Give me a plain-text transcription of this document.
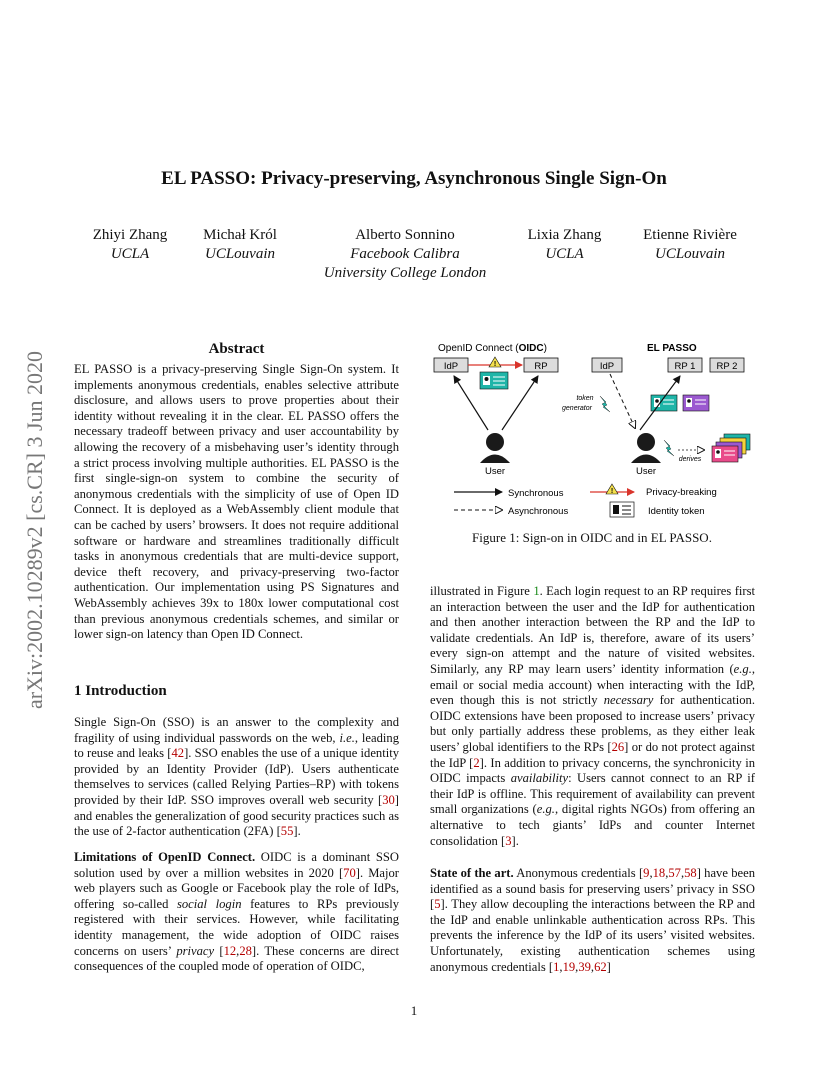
arXiv:2002.10289v2 [cs.CR] 3 Jun 2020
EL PASSO: Privacy-preserving, Asynchronous Single Sign-On
Zhiyi Zhang
UCLA
Michał Król
UCLouvain
Alberto Sonnino
Facebook Calibra
University College London
Lixia Zhang
UCLA
Etienne Rivière
UCLouvain
Abstract

EL PASSO is a privacy-preserving Single Sign-On system. It implements anonymous credentials, enables selective attribute disclosure, and allows users to prove properties about their identity without revealing it in the clear. EL PASSO offers the necessary tradeoff between privacy and user accountability by allowing the recovery of a misbehaving user’s identity through a strict process involving multiple authorities. EL PASSO is the first single-sign-on system to combine the security of anonymous credentials with the simplicity of use of Open ID Connect. It is deployed as a WebAssembly client module that can be cached by users’ browsers. It does not require additional software or hardware and streamlines traditionally difficult tasks in anonymous credentials that are multi-device support, device theft recovery, and privacy-preserving two-factor authentication. Our implementation using PS Signatures and WebAssembly achieves 39x to 180x lower computational cost than previous anonymous credentials schemes, and similar or lower sign-on latency than Open ID Connect.

1 Introduction

Single Sign-On (SSO) is an answer to the complexity and fragility of using individual passwords on the web, i.e., leading to reuse and leaks [42]. SSO enables the use of a unique identity provided by an Identity Provider (IdP). Users authenticate themselves to services (called Relying Parties–RP) with tokens provided by their IdP. SSO improves overall web security [30] and enables the generalization of good security practices such as the use of 2-factor authentication (2FA) [55].

Limitations of OpenID Connect. OIDC is a dominant SSO solution used by over a million websites in 2020 [70]. Major web players such as Google or Facebook play the role of IdPs, offering so-called social login features to RPs previously registered with their services. However, while facilitating identity management, the wide adoption of OIDC raises concerns on users’ privacy [12,28]. These concerns are direct consequences of the coupled mode of operation of OIDC,

OpenID Connect (OIDC)	EL PASSO
IdP	RP
!
User
IdP	RP 1 RP 2
token
generator
User
derives
Synchronous
Asynchronous
!	Privacy-breaking
Identity token
Figure 1: Sign-on in OIDC and in EL PASSO.

illustrated in Figure 1. Each login request to an RP requires first an interaction between the user and the IdP for authentication and then another interaction between the RP and the IdP to validate credentials. An IdP is, therefore, aware of its users’ every sign-on attempt and the nature of visited websites. Similarly, any RP may learn users’ identity information (e.g., email or social media account) when interacting with the IdP, even though this is not strictly necessary for authentication. OIDC extensions have been proposed to increase users’ privacy but only partially address these problems, as they either leak users’ global identifiers to the RPs [26] or do not protect against the IdP [2]. In addition to privacy concerns, the synchronicity in OIDC impacts availability: Users cannot connect to an RP if their IdP is offline. This requirement of availability can prevent small organizations (e.g., digital rights NGOs) from offering an alternative to tech giants’ IdPs and counter Internet consolidation [3].

State of the art. Anonymous credentials [9,18,57,58] have been identified as a sound basis for preserving users’ privacy in SSO [5]. They allow decoupling the interactions between the RP and the IdP and enable unlinkable authentication across RPs. This prevents the inference by the IdP of its users’ visited websites. Unfortunately, existing authentication schemes using anonymous credentials [1,19,39,62]

1
